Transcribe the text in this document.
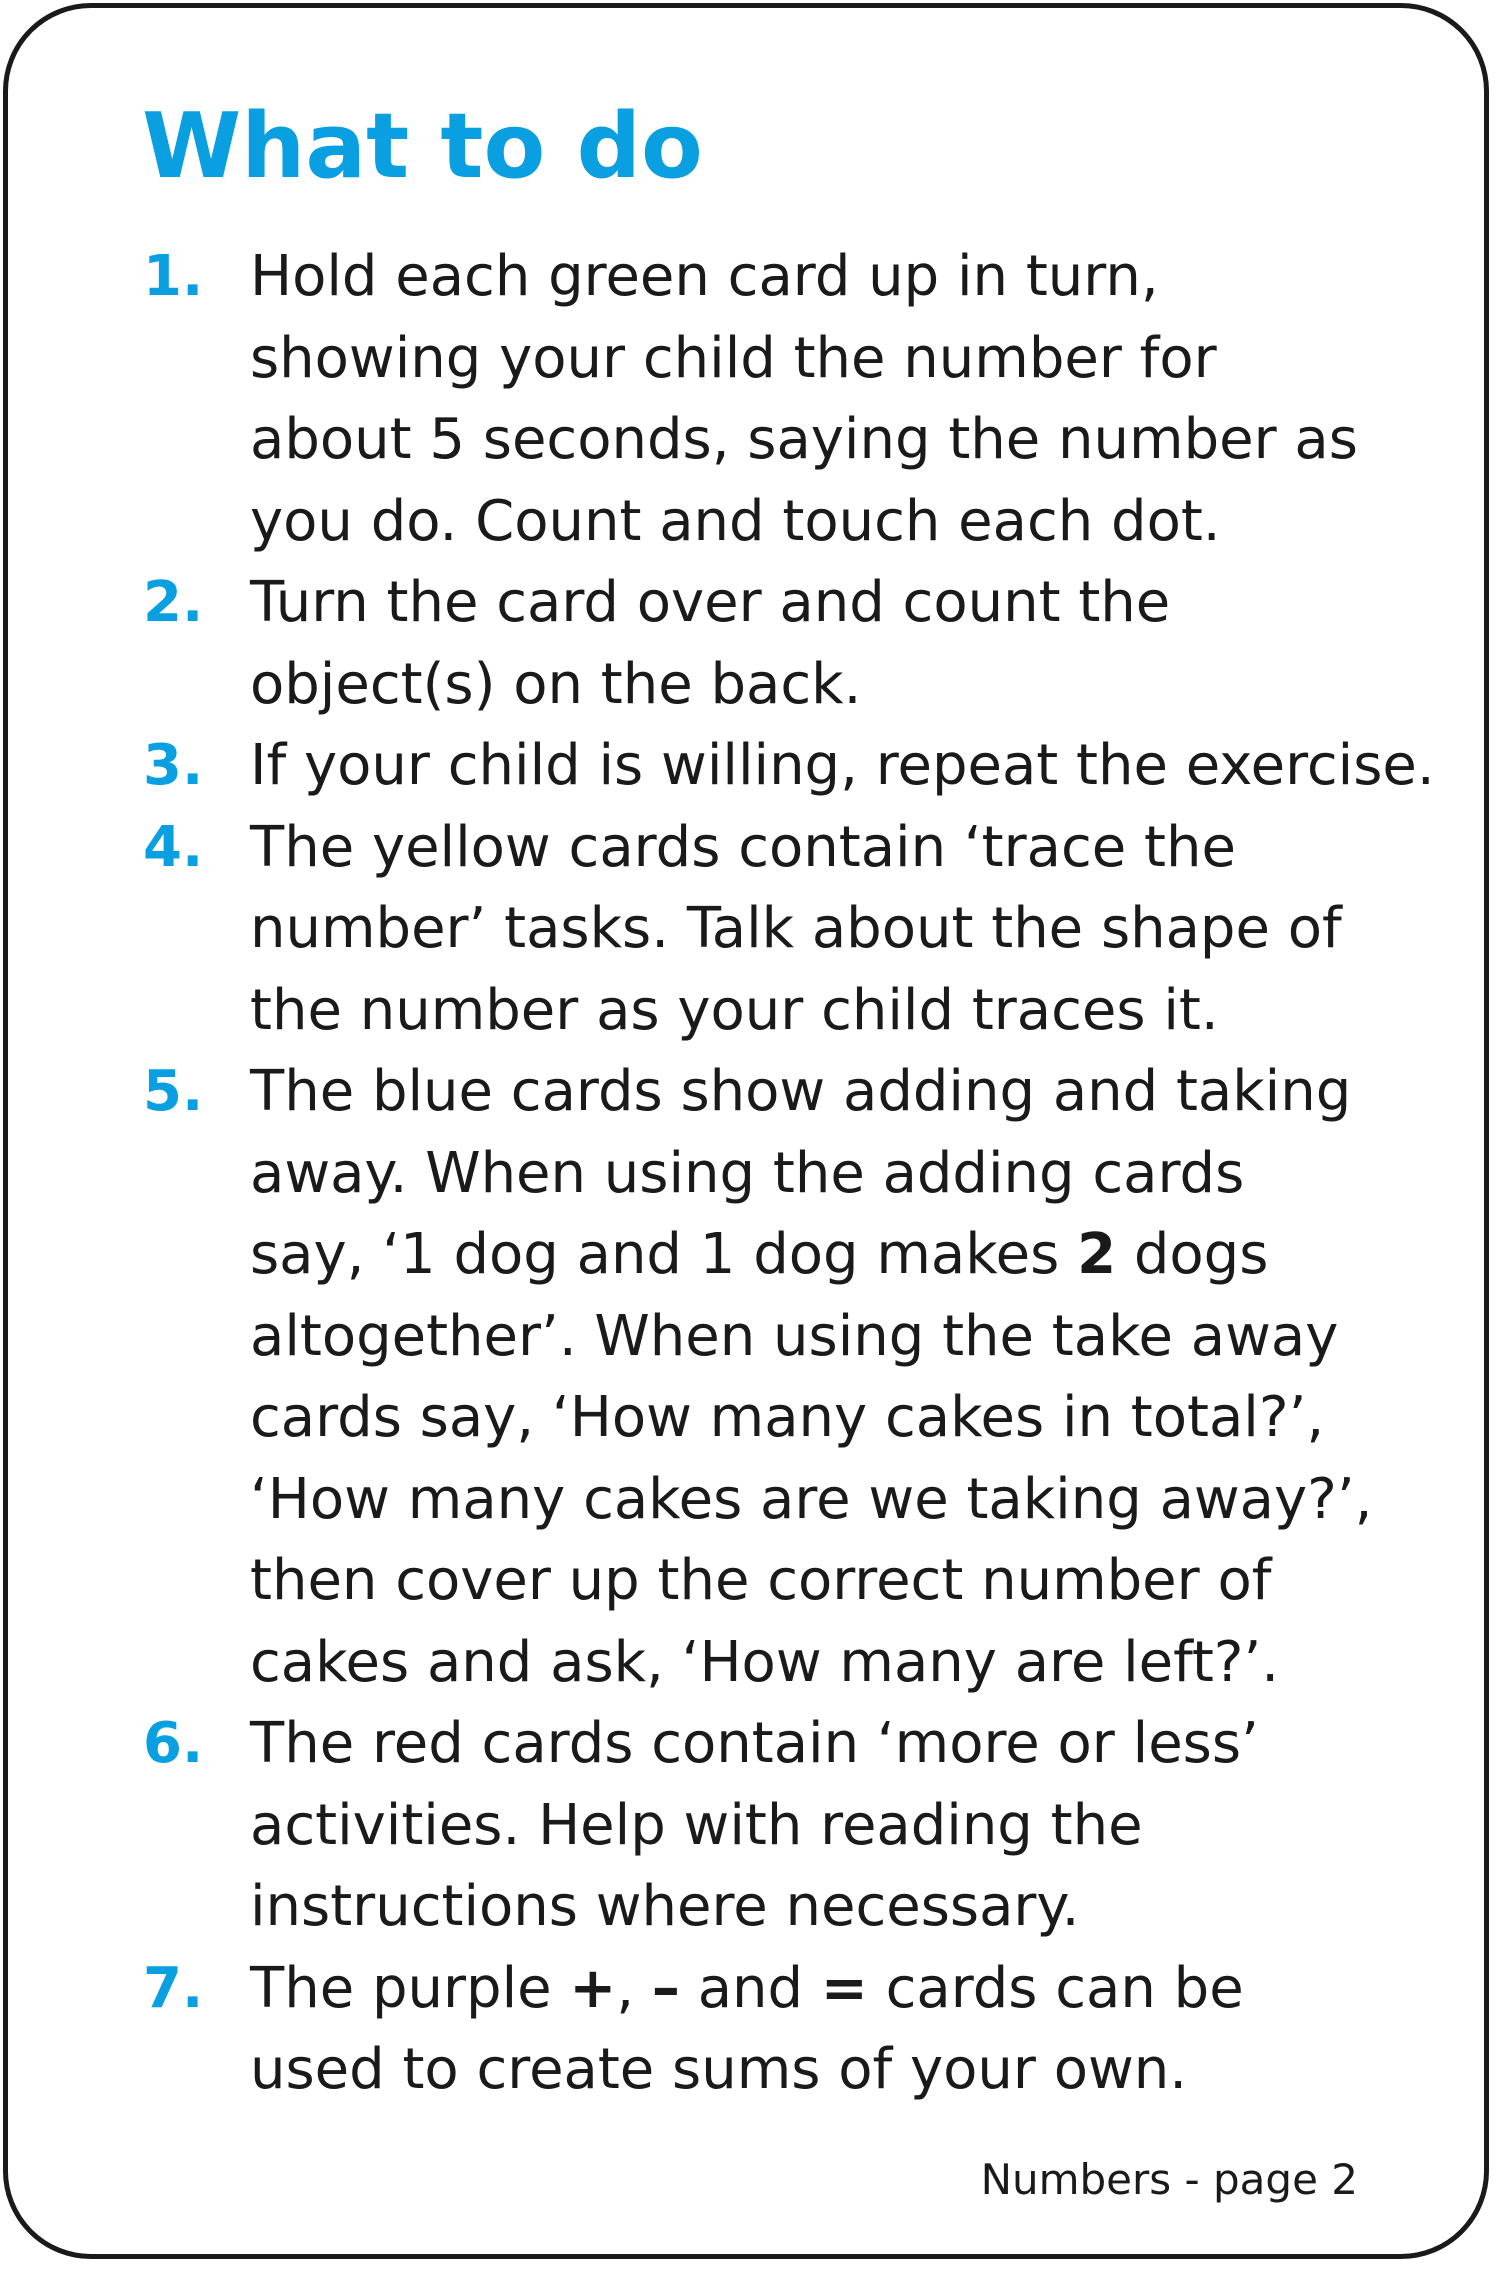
What to do
1. Hold each green card up in turn,
showing your child the number for
about 5 seconds, saying the number as
you do. Count and touch each dot.
2. Turn the card over and count the
object(s) on the back.
3. If your child is willing, repeat the exercise.
4. The yellow cards contain ‘trace the
number’ tasks. Talk about the shape of
the number as your child traces it.
5. The blue cards show adding and taking
away. When using the adding cards
say, ‘1 dog and 1 dog makes 2 dogs
altogether’. When using the take away
cards say, ‘How many cakes in total?’,
‘How many cakes are we taking away?’,
then cover up the correct number of
cakes and ask, ‘How many are left?’.
6. The red cards contain ‘more or less’
activities. Help with reading the
instructions where necessary.
7. The purple +, – and = cards can be
used to create sums of your own.
Numbers - page 2
